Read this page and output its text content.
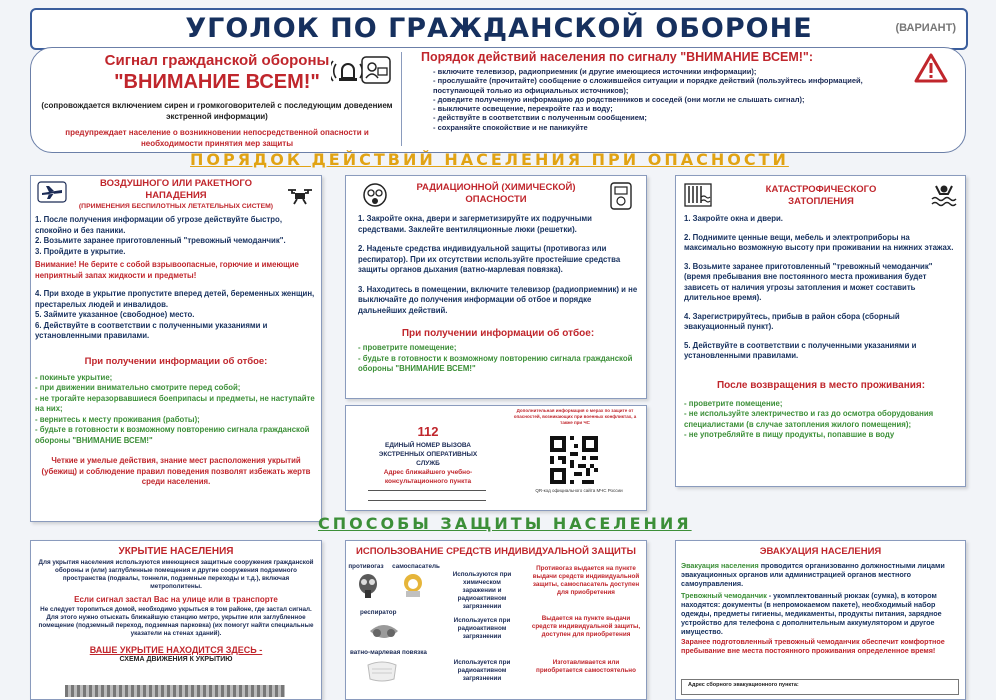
УГОЛОК ПО ГРАЖДАНСКОЙ ОБОРОНЕ	(ВАРИАНТ)
Сигнал гражданской обороны
"ВНИМАНИЕ ВСЕМ!"
(сопровождается включением сирен и громкоговорителей с последующим доведением экстренной информации)
предупреждает население о возникновении непосредственной опасности и необходимости принятия мер защиты
Порядок действий населения по сигналу "ВНИМАНИЕ ВСЕМ!":
- включите телевизор, радиоприемник (и другие имеющиеся источники информации);
- прослушайте (прочитайте) сообщение о сложившейся ситуации и порядке действий (пользуйтесь информацией, поступающей только из официальных источников);
- доведите полученную информацию до родственников и соседей (они могли не слышать сигнал);
- выключите освещение, перекройте газ и воду;
- действуйте в соответствии с полученным сообщением;
- сохраняйте спокойствие и не паникуйте
ПОРЯДОК ДЕЙСТВИЙ НАСЕЛЕНИЯ ПРИ ОПАСНОСТИ
ВОЗДУШНОГО ИЛИ РАКЕТНОГО НАПАДЕНИЯ
(ПРИМЕНЕНИЯ БЕСПИЛОТНЫХ ЛЕТАТЕЛЬНЫХ СИСТЕМ)
1. После получения информации об угрозе действуйте быстро, спокойно и без паники.
2. Возьмите заранее приготовленный "тревожный чемоданчик".
3. Пройдите в укрытие.
Внимание! Не берите с собой взрывоопасные, горючие и имеющие неприятный запах жидкости и предметы!
4. При входе в укрытие пропустите вперед детей, беременных женщин, престарелых людей и инвалидов.
5. Займите указанное (свободное) место.
6. Действуйте в соответствии с полученными указаниями и установленными правилами.
При получении информации об отбое:
- покиньте укрытие;
- при движении внимательно смотрите перед собой;
- не трогайте неразорвавшиеся боеприпасы и предметы, не наступайте на них;
- вернитесь к месту проживания (работы);
- будьте в готовности к возможному повторению сигнала гражданской обороны "ВНИМАНИЕ ВСЕМ!"
Четкие и умелые действия, знание мест расположения укрытий (убежищ) и соблюдение правил поведения позволят избежать жертв среди населения.
РАДИАЦИОННОЙ (ХИМИЧЕСКОЙ) ОПАСНОСТИ
1. Закройте окна, двери и загерметизируйте их подручными средствами. Заклейте вентиляционные люки (решетки).
2. Наденьте средства индивидуальной защиты (противогаз или респиратор). При их отсутствии используйте простейшие средства защиты органов дыхания (ватно-марлевая повязка).
3. Находитесь в помещении, включите телевизор (радиоприемник) и не выключайте до получения информации об отбое и порядке дальнейших действий.
При получении информации об отбое:
- проветрите помещение;
- будьте в готовности к возможному повторению сигнала гражданской обороны "ВНИМАНИЕ ВСЕМ!"
112
ЕДИНЫЙ НОМЕР ВЫЗОВА ЭКСТРЕННЫХ ОПЕРАТИВНЫХ СЛУЖБ
Адрес ближайшего учебно-консультационного пункта
Дополнительная информация о мерах по защите от опасностей, возникающих при военных конфликтах, а также при ЧС
QR-код официального сайта МЧС России
КАТАСТРОФИЧЕСКОГО ЗАТОПЛЕНИЯ
1. Закройте окна и двери.
2. Поднимите ценные вещи, мебель и электроприборы на максимально возможную высоту при проживании на нижних этажах.
3. Возьмите заранее приготовленный "тревожный чемоданчик" (время пребывания вне постоянного места проживания будет зависеть от наличия угрозы затопления и может составить длительное время).
4. Зарегистрируйтесь, прибыв в район сбора (сборный эвакуационный пункт).
5. Действуйте в соответствии с полученными указаниями и установленными правилами.
После возвращения в место проживания:
- проветрите помещение;
- не используйте электричество и газ до осмотра оборудования специалистами (в случае затопления жилого помещения);
- не употребляйте в пищу продукты, попавшие в воду
СПОСОБЫ ЗАЩИТЫ НАСЕЛЕНИЯ
УКРЫТИЕ НАСЕЛЕНИЯ
Для укрытия населения используются имеющиеся защитные сооружения гражданской обороны и (или) заглубленные помещения и другие сооружения подземного пространства (подвалы, тоннели, подземные переходы и т.д.), включая метрополитены.
Если сигнал застал Вас на улице или в транспорте
Не следует торопиться домой, необходимо укрыться в том районе, где застал сигнал. Для этого нужно отыскать ближайшую станцию метро, укрытие или заглубленное помещение (подземный переход, подземная парковка) (их помогут найти специальные указатели на стенах зданий).
ВАШЕ УКРЫТИЕ НАХОДИТСЯ ЗДЕСЬ -
СХЕМА ДВИЖЕНИЯ К УКРЫТИЮ
ИСПОЛЬЗОВАНИЕ СРЕДСТВ ИНДИВИДУАЛЬНОЙ ЗАЩИТЫ
противогаз	самоспасатель
Используются при химическом заражении и радиоактивном загрязнении
Противогаз выдается на пункте выдачи средств индивидуальной защиты, самоспасатель доступен для приобретения
респиратор
Используется при радиоактивном загрязнении
Выдается на пункте выдачи средств индивидуальной защиты, доступен для приобретения
ватно-марлевая повязка
Используется при радиоактивном загрязнении
Изготавливается или приобретается самостоятельно
ЭВАКУАЦИЯ НАСЕЛЕНИЯ
Эвакуация населения проводится организованно должностными лицами эвакуационных органов или администрацией органов местного самоуправления.
Тревожный чемоданчик - укомплектованный рюкзак (сумка), в котором находятся: документы (в непромокаемом пакете), необходимый набор одежды, предметы гигиены, медикаменты, продукты питания, зарядное устройство для телефона с дополнительным аккумулятором и другое имущество.
Заранее подготовленный тревожный чемоданчик обеспечит комфортное пребывание вне места постоянного проживания определенное время!
Адрес сборного эвакуационного пункта:
